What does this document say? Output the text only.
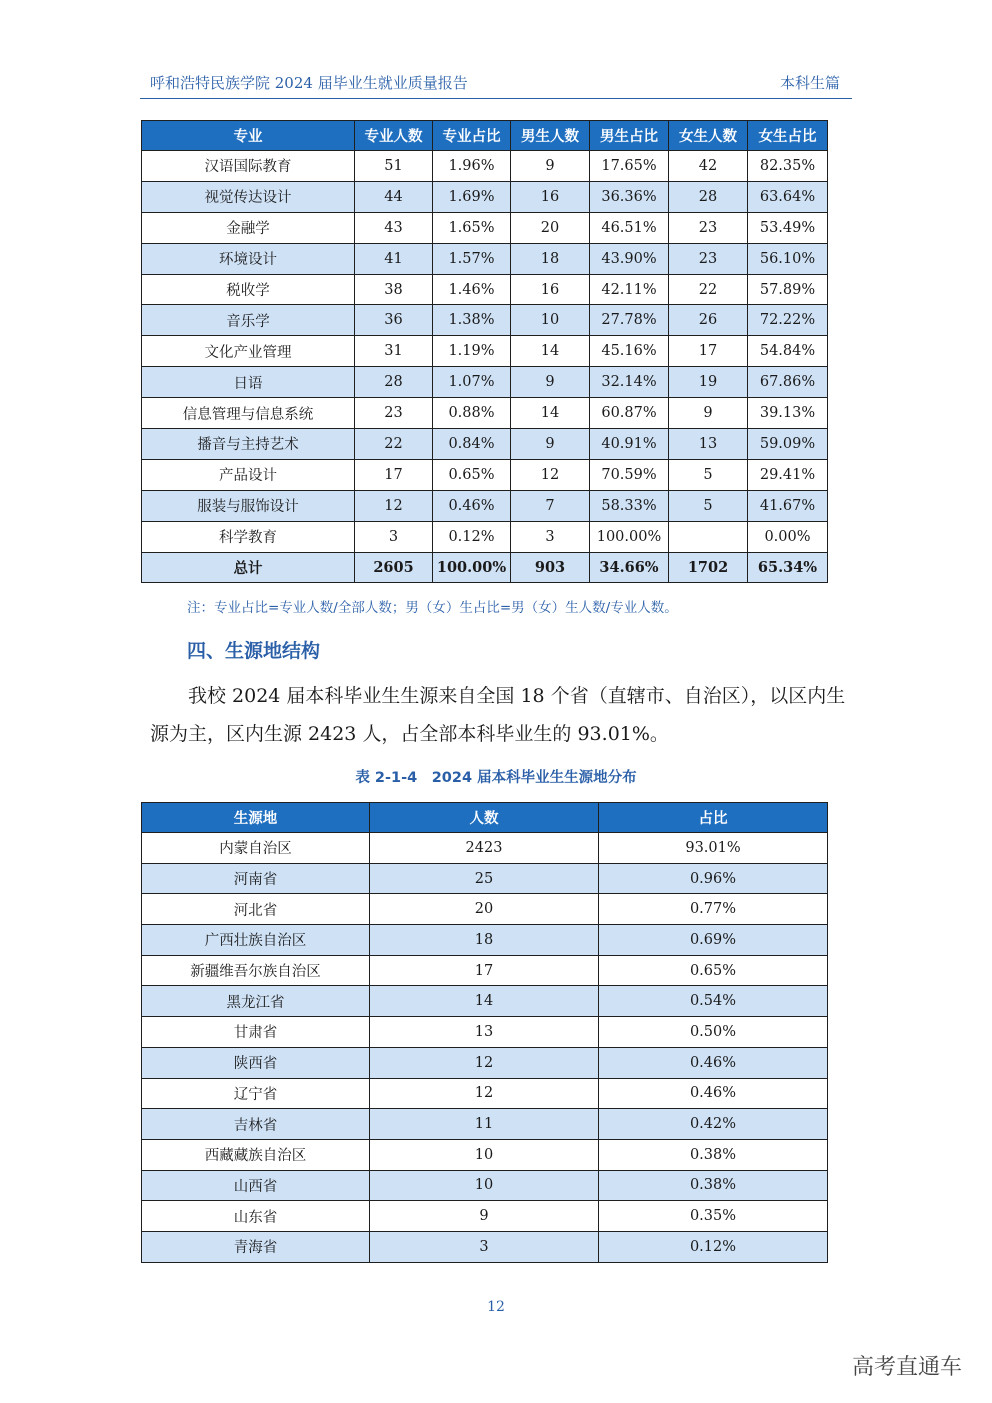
呼和浩特民族学院 2024 届毕业生就业质量报告	本科生篇
专业	专业人数	专业占比	男生人数	男生占比	女生人数	女生占比
汉语国际教育	51	1.96%	9	17.65%	42	82.35%
视觉传达设计	44	1.69%	16	36.36%	28	63.64%
金融学	43	1.65%	20	46.51%	23	53.49%
环境设计	41	1.57%	18	43.90%	23	56.10%
税收学	38	1.46%	16	42.11%	22	57.89%
音乐学	36	1.38%	10	27.78%	26	72.22%
文化产业管理	31	1.19%	14	45.16%	17	54.84%
日语	28	1.07%	9	32.14%	19	67.86%
信息管理与信息系统	23	0.88%	14	60.87%	9	39.13%
播音与主持艺术	22	0.84%	9	40.91%	13	59.09%
产品设计	17	0.65%	12	70.59%	5	29.41%
服装与服饰设计	12	0.46%	7	58.33%	5	41.67%
科学教育	3	0.12%	3	100.00%		0.00%
总计	2605	100.00%	903	34.66%	1702	65.34%
注：专业占比=专业人数/全部人数；男（女）生占比=男（女）生人数/专业人数。
四、生源地结构
我校 2024 届本科毕业生生源来自全国 18 个省（直辖市、自治区），以区内生源为主，区内生源 2423 人，占全部本科毕业生的 93.01%。
表 2-1-4　2024 届本科毕业生生源地分布
生源地	人数	占比
内蒙自治区	2423	93.01%
河南省	25	0.96%
河北省	20	0.77%
广西壮族自治区	18	0.69%
新疆维吾尔族自治区	17	0.65%
黑龙江省	14	0.54%
甘肃省	13	0.50%
陕西省	12	0.46%
辽宁省	12	0.46%
吉林省	11	0.42%
西藏藏族自治区	10	0.38%
山西省	10	0.38%
山东省	9	0.35%
青海省	3	0.12%
12
高考直通车
